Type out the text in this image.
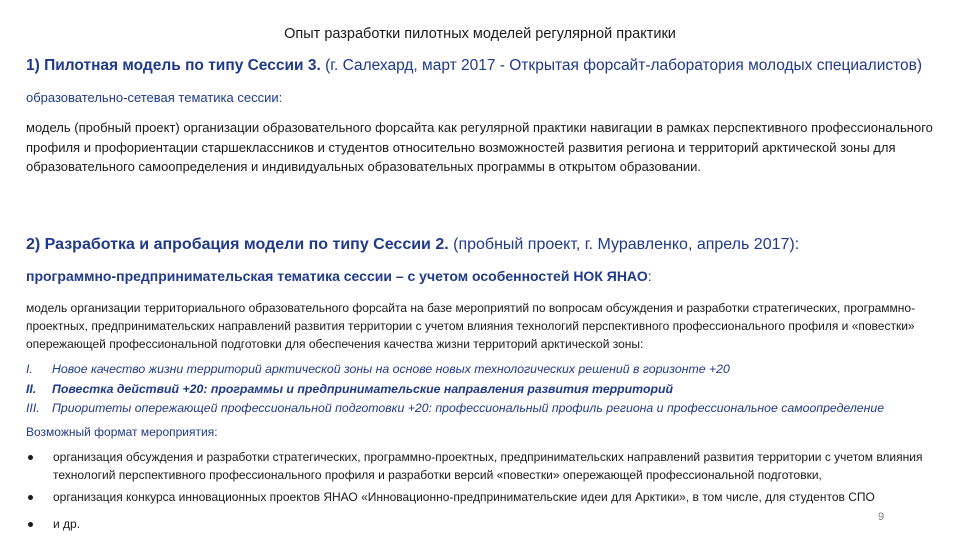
Опыт разработки пилотных моделей регулярной практики
1) Пилотная модель по типу Сессии 3. (г. Салехард, март 2017 - Открытая форсайт-лаборатория молодых специалистов)
образовательно-сетевая тематика сессии:
модель (пробный проект) организации образовательного форсайта как регулярной практики навигации в рамках перспективного профессионального профиля и профориентации старшеклассников и студентов относительно возможностей развития региона и территорий арктической зоны для образовательного самоопределения и индивидуальных образовательных программы в открытом образовании.
2) Разработка и апробация модели по типу Сессии 2. (пробный проект, г. Муравленко, апрель 2017):
программно-предпринимательская тематика сессии – с учетом особенностей НОК ЯНАО:
модель организации территориального образовательного форсайта на базе мероприятий по вопросам обсуждения и разработки стратегических, программно-проектных, предпринимательских направлений развития территории с учетом влияния технологий перспективного профессионального профиля и «повестки» опережающей профессиональной подготовки для обеспечения качества жизни территорий арктической зоны:
I. Новое качество жизни территорий арктической зоны на основе новых технологических решений в горизонте +20
II. Повестка действий +20: программы и предпринимательские направления развития территорий
III. Приоритеты опережающей профессиональной подготовки +20: профессиональный профиль региона и профессиональное самоопределение
Возможный формат мероприятия:
организация обсуждения и разработки стратегических, программно-проектных, предпринимательских направлений развития территории с учетом влияния технологий перспективного профессионального профиля и разработки версий «повестки» опережающей профессиональной подготовки,
организация конкурса инновационных проектов ЯНАО «Инновационно-предпринимательские идеи для Арктики», в том числе, для студентов СПО
и др.	9
